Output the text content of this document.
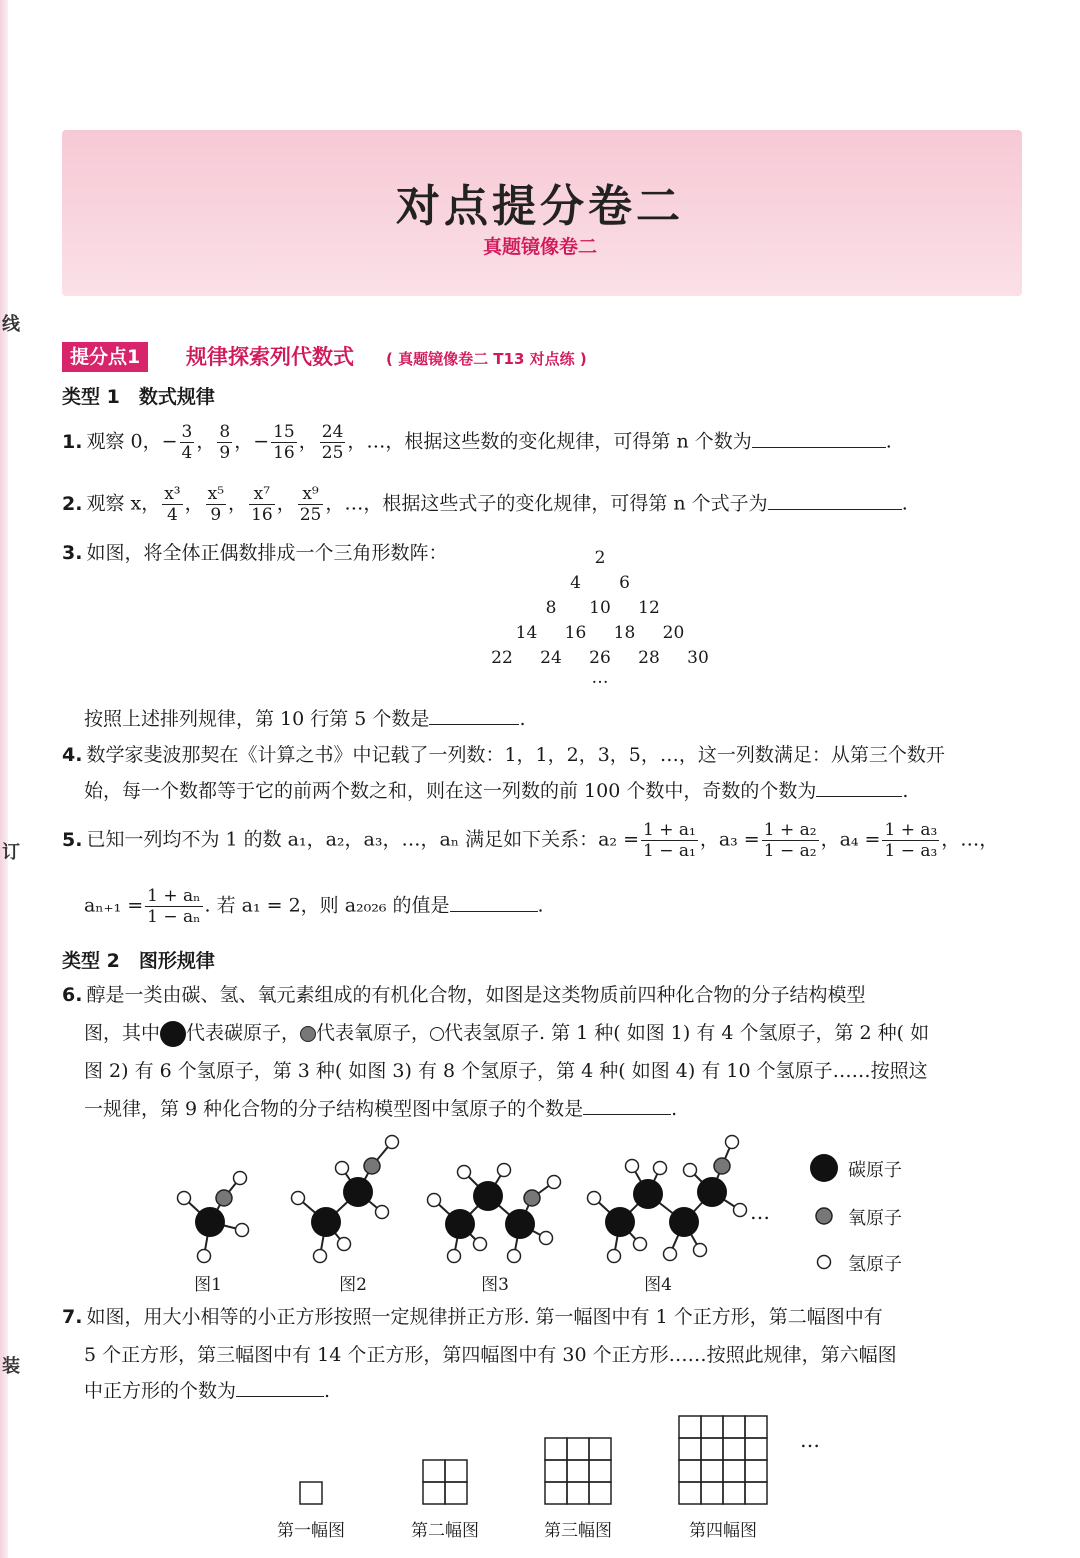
线
订
装
对点提分卷二
真题镜像卷二
提分点1	规律探索列代数式 ( 真题镜像卷二 T13 对点练 )
类型 1　数式规律
1. 观察 0，− $\frac{3}{4}$ ， $\frac{8}{9}$ ，− $\frac{15}{16}$ ， $\frac{24}{25}$ ，…，根据这些数的变化规律，可得第 n 个数为	.
2. 观察 x， $\frac{\text{x³}}{4}$ ， $\frac{\text{x⁵}}{9}$ ， $\frac{\text{x⁷}}{16}$ ， $\frac{\text{x⁹}}{25}$ ，…，根据这些式子的变化规律，可得第 n 个式子为	.
3. 如图，将全体正偶数排成一个三角形数阵：	2
4 6
8 10 12
14 16 18 20
22 24 26 28 30
…
按照上述排列规律，第 10 行第 5 个数是	.
4. 数学家斐波那契在《计算之书》中记载了一列数：1，1，2，3，5，…，这一列数满足：从第三个数开
始，每一个数都等于它的前两个数之和，则在这一列数的前 100 个数中，奇数的个数为	.
5. 已知一列均不为 1 的数 a₁，a₂，a₃，…，aₙ 满足如下关系：$a_2 = \frac{\text{1 + a₁}}{\text{1 − a₁}}$ ，$a_3 = \frac{\text{1 + a₂}}{\text{1 − a₂}}$ ，$a_4 = \frac{\text{1 + a₃}}{\text{1 − a₃}}$ ，…，
$a_{n+1} = \frac{\text{1 + aₙ}}{\text{1 − aₙ}}$ . 若 a₁ = 2，则 a₂₀₂₆ 的值是	.
类型 2　图形规律
6. 醇是一类由碳、氢、氧元素组成的有机化合物，如图是这类物质前四种化合物的分子结构模型
图，其中 代表碳原子， 代表氧原子， 代表氢原子. 第 1 种( 如图 1) 有 4 个氢原子，第 2 种( 如
图 2) 有 6 个氢原子，第 3 种( 如图 3) 有 8 个氢原子，第 4 种( 如图 4) 有 10 个氢原子……按照这
一规律，第 9 种化合物的分子结构模型图中氢原子的个数是	.
…
图1	图2	图3	图4
碳原子
氧原子
氢原子
7. 如图，用大小相等的小正方形按照一定规律拼正方形. 第一幅图中有 1 个正方形，第二幅图中有
5 个正方形，第三幅图中有 14 个正方形，第四幅图中有 30 个正方形……按照此规律，第六幅图
中正方形的个数为	.
…
第一幅图	第二幅图	第三幅图	第四幅图
